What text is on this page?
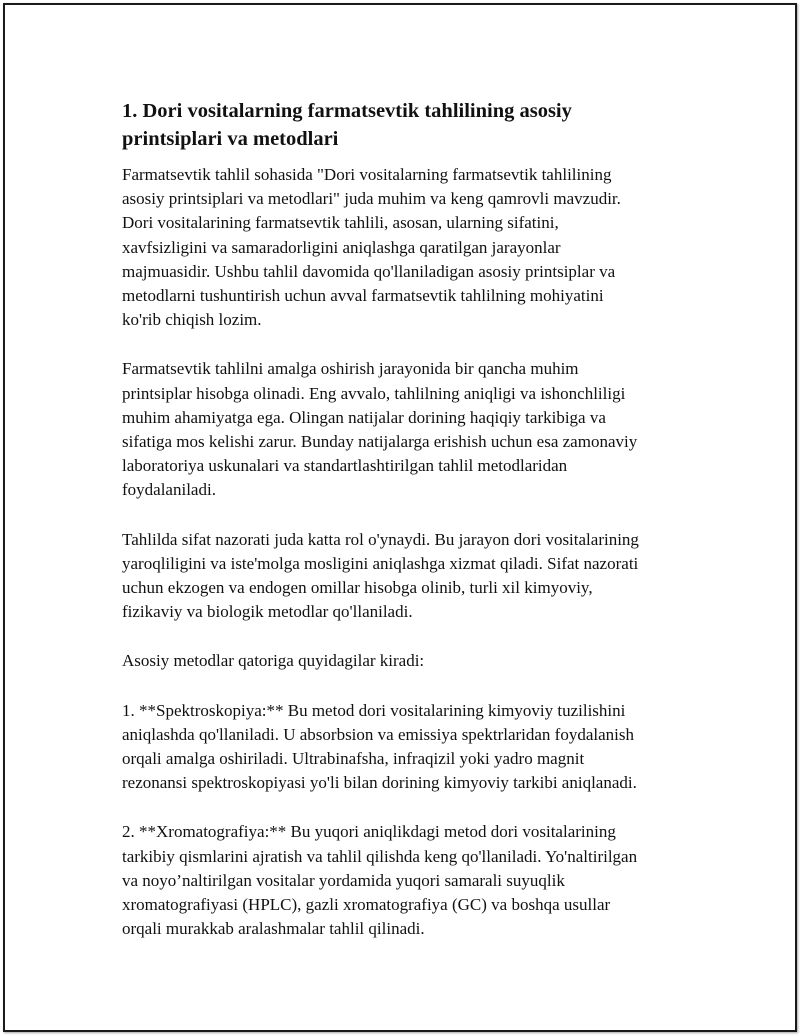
1. Dori vositalarning farmatsevtik tahlilining asosiy
printsiplari va metodlari
Farmatsevtik tahlil sohasida "Dori vositalarning farmatsevtik tahlilining
asosiy printsiplari va metodlari" juda muhim va keng qamrovli mavzudir.
Dori vositalarining farmatsevtik tahlili, asosan, ularning sifatini,
xavfsizligini va samaradorligini aniqlashga qaratilgan jarayonlar
majmuasidir. Ushbu tahlil davomida qo'llaniladigan asosiy printsiplar va
metodlarni tushuntirish uchun avval farmatsevtik tahlilning mohiyatini
ko'rib chiqish lozim.
Farmatsevtik tahlilni amalga oshirish jarayonida bir qancha muhim
printsiplar hisobga olinadi. Eng avvalo, tahlilning aniqligi va ishonchliligi
muhim ahamiyatga ega. Olingan natijalar dorining haqiqiy tarkibiga va
sifatiga mos kelishi zarur. Bunday natijalarga erishish uchun esa zamonaviy
laboratoriya uskunalari va standartlashtirilgan tahlil metodlaridan
foydalaniladi.
Tahlilda sifat nazorati juda katta rol o'ynaydi. Bu jarayon dori vositalarining
yaroqliligini va iste'molga mosligini aniqlashga xizmat qiladi. Sifat nazorati
uchun ekzogen va endogen omillar hisobga olinib, turli xil kimyoviy,
fizikaviy va biologik metodlar qo'llaniladi.
Asosiy metodlar qatoriga quyidagilar kiradi:
1. **Spektroskopiya:** Bu metod dori vositalarining kimyoviy tuzilishini
aniqlashda qo'llaniladi. U absorbsion va emissiya spektrlaridan foydalanish
orqali amalga oshiriladi. Ultrabinafsha, infraqizil yoki yadro magnit
rezonansi spektroskopiyasi yo'li bilan dorining kimyoviy tarkibi aniqlanadi.
2. **Xromatografiya:** Bu yuqori aniqlikdagi metod dori vositalarining
tarkibiy qismlarini ajratish va tahlil qilishda keng qo'llaniladi. Yo'naltirilgan
va noyo’naltirilgan vositalar yordamida yuqori samarali suyuqlik
xromatografiyasi (HPLC), gazli xromatografiya (GC) va boshqa usullar
orqali murakkab aralashmalar tahlil qilinadi.
